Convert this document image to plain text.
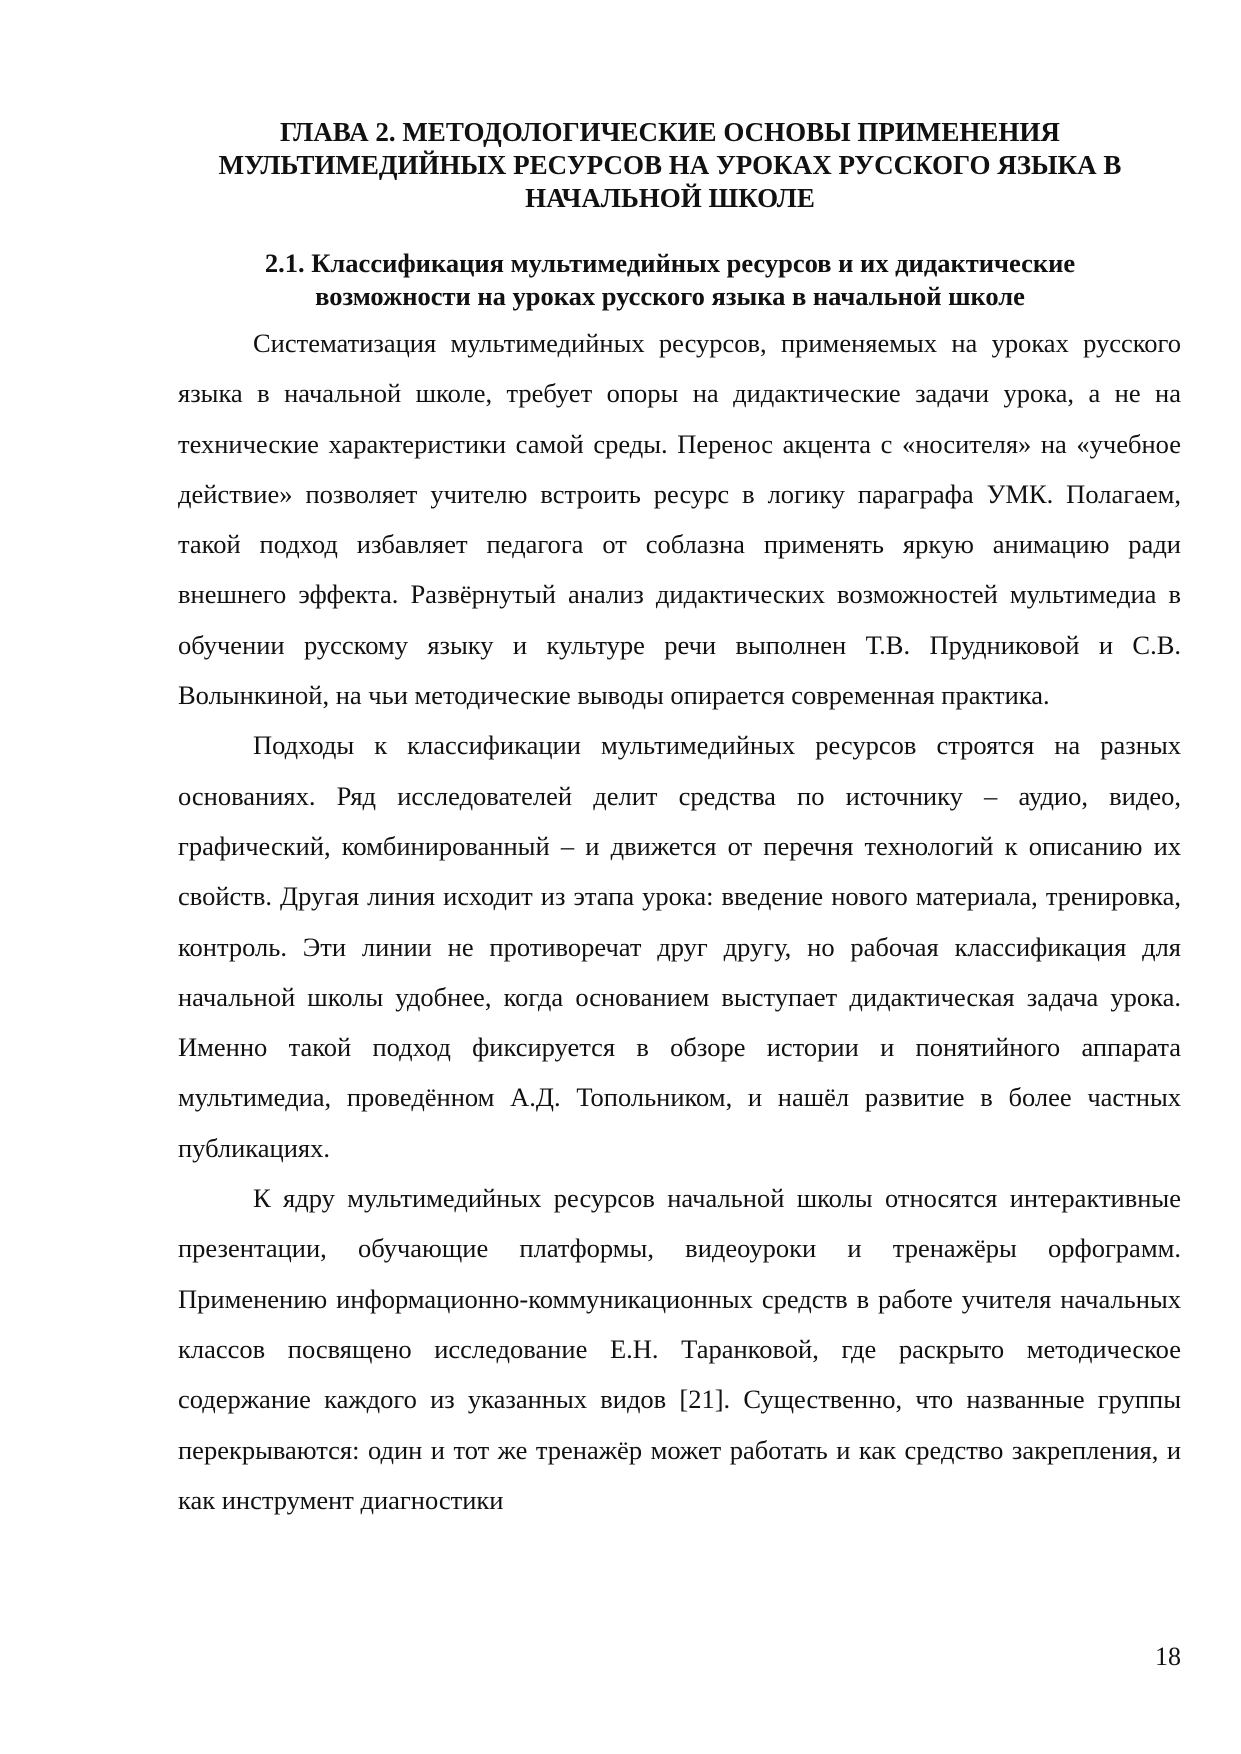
ГЛАВА 2. МЕТОДОЛОГИЧЕСКИЕ ОСНОВЫ ПРИМЕНЕНИЯ МУЛЬТИМЕДИЙНЫХ РЕСУРСОВ НА УРОКАХ РУССКОГО ЯЗЫКА В НАЧАЛЬНОЙ ШКОЛЕ
2.1. Классификация мультимедийных ресурсов и их дидактические возможности на уроках русского языка в начальной школе

Систематизация мультимедийных ресурсов, применяемых на уроках русского языка в начальной школе, требует опоры на дидактические задачи урока, а не на технические характеристики самой среды. Перенос акцента с «носителя» на «учебное действие» позволяет учителю встроить ресурс в логику параграфа УМК. Полагаем, такой подход избавляет педагога от соблазна применять яркую анимацию ради внешнего эффекта. Развёрнутый анализ дидактических возможностей мультимедиа в обучении русскому языку и культуре речи выполнен Т.В. Прудниковой и С.В. Волынкиной, на чьи методические выводы опирается современная практика.

Подходы к классификации мультимедийных ресурсов строятся на разных основаниях. Ряд исследователей делит средства по источнику – аудио, видео, графический, комбинированный – и движется от перечня технологий к описанию их свойств. Другая линия исходит из этапа урока: введение нового материала, тренировка, контроль. Эти линии не противоречат друг другу, но рабочая классификация для начальной школы удобнее, когда основанием выступает дидактическая задача урока. Именно такой подход фиксируется в обзоре истории и понятийного аппарата мультимедиа, проведённом А.Д. Топольником, и нашёл развитие в более частных публикациях.

К ядру мультимедийных ресурсов начальной школы относятся интерактивные презентации, обучающие платформы, видеоуроки и тренажёры орфограмм. Применению информационно-коммуникационных средств в работе учителя начальных классов посвящено исследование Е.Н. Таранковой, где раскрыто методическое содержание каждого из указанных видов [21]. Существенно, что названные группы перекрываются: один и тот же тренажёр может работать и как средство закрепления, и как инструмент диагностики

18
